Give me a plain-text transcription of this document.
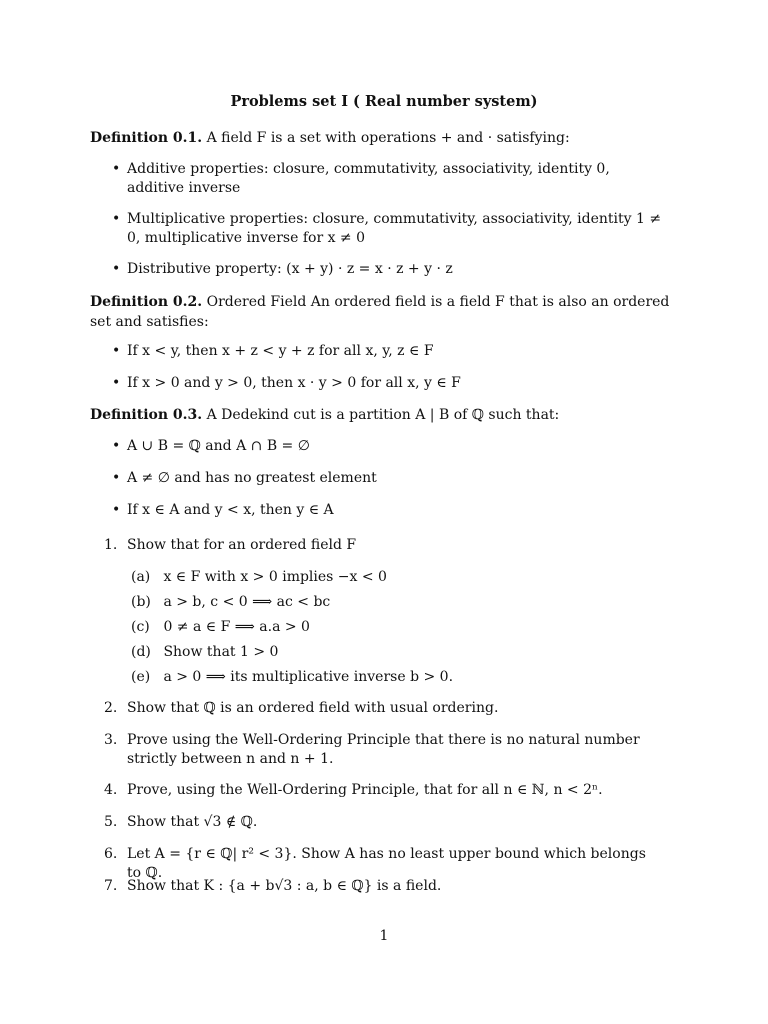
Problems set I ( Real number system)
Definition 0.1. A field F is a set with operations + and · satisfying:
• Additive properties: closure, commutativity, associativity, identity 0, additive inverse
• Multiplicative properties: closure, commutativity, associativity, identity 1 ≠ 0, multiplicative inverse for x ≠ 0
• Distributive property: (x + y) · z = x · z + y · z
Definition 0.2. Ordered Field An ordered field is a field F that is also an ordered set and satisfies:
• If x < y, then x + z < y + z for all x, y, z ∈ F
• If x > 0 and y > 0, then x · y > 0 for all x, y ∈ F
Definition 0.3. A Dedekind cut is a partition A | B of ℚ such that:
• A ∪ B = ℚ and A ∩ B = ∅
• A ≠ ∅ and has no greatest element
• If x ∈ A and y < x, then y ∈ A
1. Show that for an ordered field F
(a) x ∈ F with x > 0 implies −x < 0
(b) a > b, c < 0 ⟹ ac < bc
(c) 0 ≠ a ∈ F ⟹ a.a > 0
(d) Show that 1 > 0
(e) a > 0 ⟹ its multiplicative inverse b > 0.
2. Show that ℚ is an ordered field with usual ordering.
3. Prove using the Well-Ordering Principle that there is no natural number strictly between n and n + 1.
4. Prove, using the Well-Ordering Principle, that for all n ∈ ℕ, n < 2ⁿ.
5. Show that √3 ∉ ℚ.
6. Let A = {r ∈ ℚ| r² < 3}. Show A has no least upper bound which belongs to ℚ.
7. Show that K : {a + b√3 : a, b ∈ ℚ} is a field.
1
